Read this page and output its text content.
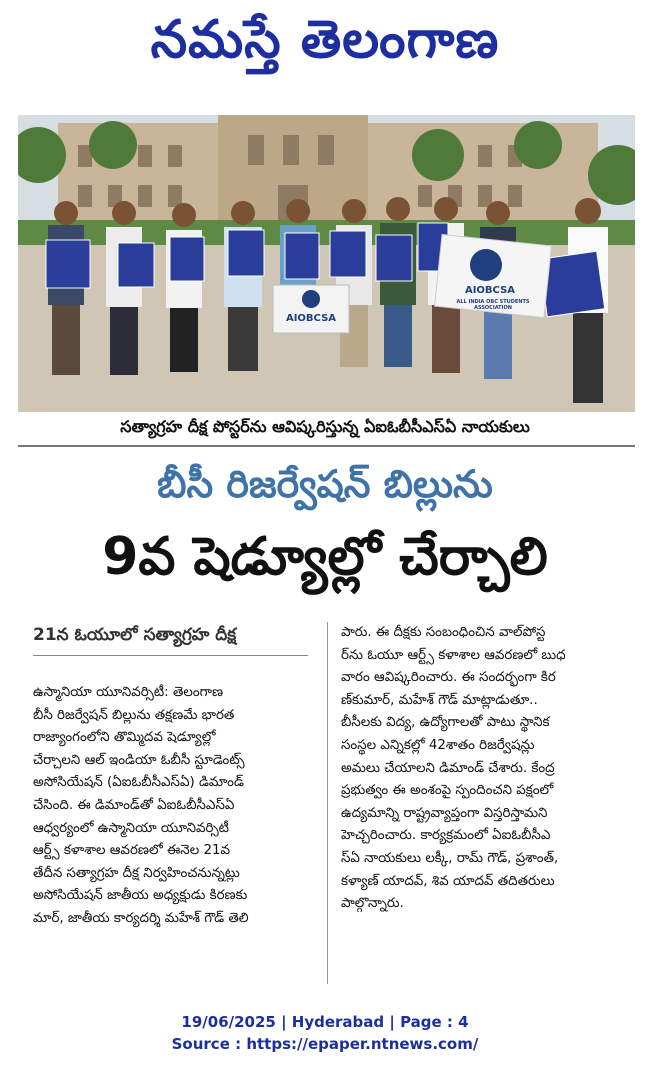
నమస్తే తెలంగాణ
AIOBCSA
AIOBCSA
ALL INDIA OBC STUDENTS ASSOCIATION
సత్యాగ్రహ దీక్ష పోస్టర్‌ను ఆవిష్కరిస్తున్న ఏఐఓబీసీఎస్ఏ నాయకులు
బీసీ రిజర్వేషన్ బిల్లును
9వ షెడ్యూల్లో చేర్చాలి
21న ఓయూలో సత్యాగ్రహ దీక్ష

ఉస్మానియా యూనివర్సిటీ: తెలంగాణ

బీసీ రిజర్వేషన్ బిల్లును తక్షణమే భారత

రాజ్యాంగంలోని తొమ్మిదవ షెడ్యూల్లో

చేర్చాలని ఆల్ ఇండియా ఓబీసీ స్టూడెంట్స్

అసోసియేషన్ (ఏఐఓబీసీఎస్ఏ) డిమాండ్

చేసింది. ఈ డిమాండ్‌తో ఏఐఓబీసీఎస్ఏ

ఆధ్వర్యంలో ఉస్మానియా యూనివర్సిటీ

ఆర్ట్స్ కళాశాల ఆవరణలో ఈనెల 21వ

తేదీన సత్యాగ్రహ దీక్ష నిర్వహించనున్నట్లు

అసోసియేషన్ జాతీయ అధ్యక్షుడు కిరణకు

మార్, జాతీయ కార్యదర్శి మహేశ్ గౌడ్ తెలి

పారు. ఈ దీక్షకు సంబంధించిన వాల్‌పోస్ట

ర్‌ను ఓయూ ఆర్ట్స్ కళాశాల ఆవరణలో బుధ

వారం ఆవిష్కరించారు. ఈ సందర్భంగా కిర

ణ్‌కుమార్, మహేశ్ గౌడ్ మాట్లాడుతూ..

బీసీలకు విద్య, ఉద్యోగాలతో పాటు స్థానిక

సంస్థల ఎన్నికల్లో 42శాతం రిజర్వేషన్లు

అమలు చేయాలని డిమాండ్ చేశారు. కేంద్ర

ప్రభుత్వం ఈ అంశంపై స్పందించని పక్షంలో

ఉద్యమాన్ని రాష్ట్రవ్యాప్తంగా విస్తరిస్తామని

హెచ్చరించారు. కార్యక్రమంలో ఏఐఓబీసీఎ

స్ఏ నాయకులు లక్కీ, రామ్ గౌడ్, ప్రశాంత్,

కళ్యాణ్ యాదవ్, శివ యాదవ్ తదితరులు

పాల్గొన్నారు.

19/06/2025 | Hyderabad | Page : 4
Source : https://epaper.ntnews.com/
